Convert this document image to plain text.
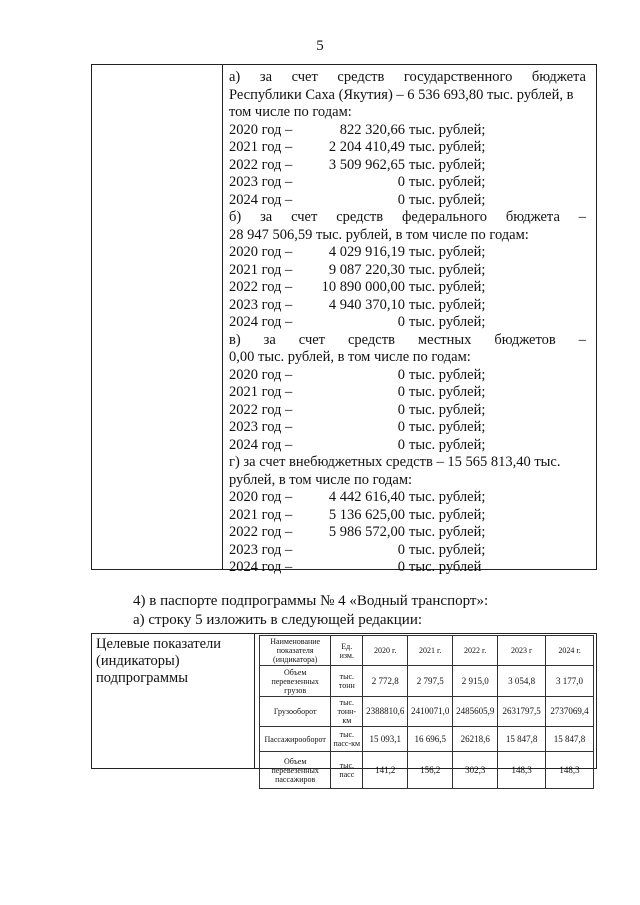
5
а) за счет средств государственного бюджета
Республики Саха (Якутия) – 6 536 693,80 тыс. рублей, в
том числе по годам:
2020 год –	822 320,66 тыс. рублей;
2021 год –	2 204 410,49 тыс. рублей;
2022 год –	3 509 962,65 тыс. рублей;
2023 год –	0 тыс. рублей;
2024 год –	0 тыс. рублей;
б) за счет средств федерального бюджета –
28 947 506,59 тыс. рублей, в том числе по годам:
2020 год –	4 029 916,19 тыс. рублей;
2021 год –	9 087 220,30 тыс. рублей;
2022 год –	10 890 000,00 тыс. рублей;
2023 год –	4 940 370,10 тыс. рублей;
2024 год –	0 тыс. рублей;
в) за счет средств местных бюджетов –
0,00 тыс. рублей, в том числе по годам:
2020 год –	0 тыс. рублей;
2021 год –	0 тыс. рублей;
2022 год –	0 тыс. рублей;
2023 год –	0 тыс. рублей;
2024 год –	0 тыс. рублей;
г) за счет внебюджетных средств – 15 565 813,40 тыс.
рублей, в том числе по годам:
2020 год –	4 442 616,40 тыс. рублей;
2021 год –	5 136 625,00 тыс. рублей;
2022 год –	5 986 572,00 тыс. рублей;
2023 год –	0 тыс. рублей;
2024 год –	0 тыс. рублей
4) в паспорте подпрограммы № 4 «Водный транспорт»:
а) строку 5 изложить в следующей редакции:
Целевые показатели
(индикаторы)
подпрограммы
Наименование показателя (индикатора)	Ед. изм.	2020 г.	2021 г.	2022 г.	2023 г	2024 г.
Объем перевезенных грузов	тыс. тонн	2 772,8	2 797,5	2 915,0	3 054,8	3 177,0
Грузооборот	тыс. тонн-км	2388810,6	2410071,0	2485605,9	2631797,5	2737069,4
Пассажирооборот	тыс. пасс-км	15 093,1	16 696,5	26218,6	15 847,8	15 847,8
Объем перевезенных пассажиров	тыс. пасс	141,2	156,2	302,3	148,3	148,3
